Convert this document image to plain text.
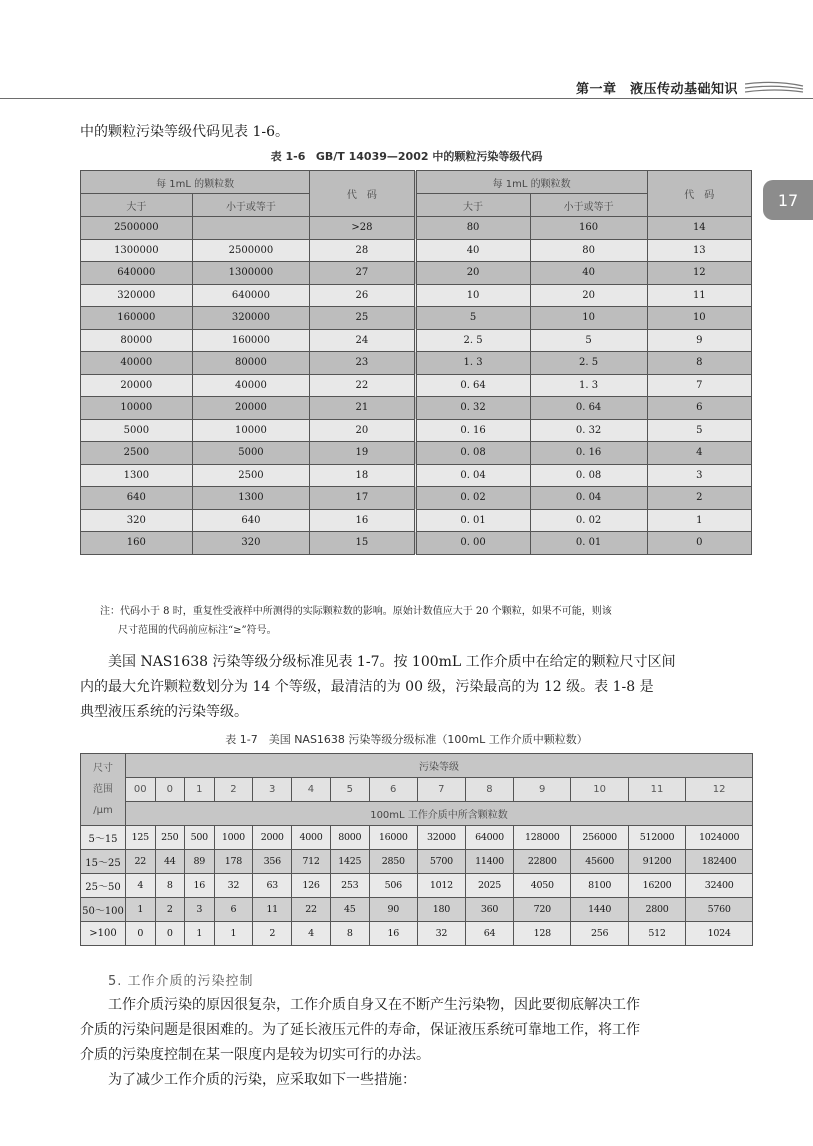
第一章　液压传动基础知识
17

中的颗粒污染等级代码见表 1-6。

表 1-6 GB/T 14039—2002 中的颗粒污染等级代码
每 1mL 的颗粒数		代　码	每 1mL 的颗粒数		代　码
大于	小于或等于		大于	小于或等于	
2500000		>28	80	160	14
1300000	2500000	28	40	80	13
640000	1300000	27	20	40	12
320000	640000	26	10	20	11
160000	320000	25	5	10	10
80000	160000	24	2. 5	5	9
40000	80000	23	1. 3	2. 5	8
20000	40000	22	0. 64	1. 3	7
10000	20000	21	0. 32	0. 64	6
5000	10000	20	0. 16	0. 32	5
2500	5000	19	0. 08	0. 16	4
1300	2500	18	0. 04	0. 08	3
640	1300	17	0. 02	0. 04	2
320	640	16	0. 01	0. 02	1
160	320	15	0. 00	0. 01	0
注：代码小于 8 时，重复性受液样中所测得的实际颗粒数的影响。原始计数值应大于 20 个颗粒，如果不可能，则该
尺寸范围的代码前应标注“≥”符号。

美国 NAS1638 污染等级分级标准见表 1-7。按 100mL 工作介质中在给定的颗粒尺寸区间

内的最大允许颗粒数划分为 14 个等级，最清洁的为 00 级，污染最高的为 12 级。表 1-8 是

典型液压系统的污染等级。

表 1-7　美国 NAS1638 污染等级分级标准（100mL 工作介质中颗粒数）
尺寸
范围
/μm	污染等级													
	00	0	1	2	3	4	5	6	7	8	9	10	11	12
	100mL 工作介质中所含颗粒数													
5～15	125	250	500	1000	2000	4000	8000	16000	32000	64000	128000	256000	512000	1024000
15～25	22	44	89	178	356	712	1425	2850	5700	11400	22800	45600	91200	182400
25～50	4	8	16	32	63	126	253	506	1012	2025	4050	8100	16200	32400
50～100	1	2	3	6	11	22	45	90	180	360	720	1440	2800	5760
>100	0	0	1	1	2	4	8	16	32	64	128	256	512	1024
5. 工作介质的污染控制

工作介质污染的原因很复杂，工作介质自身又在不断产生污染物，因此要彻底解决工作

介质的污染问题是很困难的。为了延长液压元件的寿命，保证液压系统可靠地工作，将工作

介质的污染度控制在某一限度内是较为切实可行的办法。

为了减少工作介质的污染，应采取如下一些措施：
